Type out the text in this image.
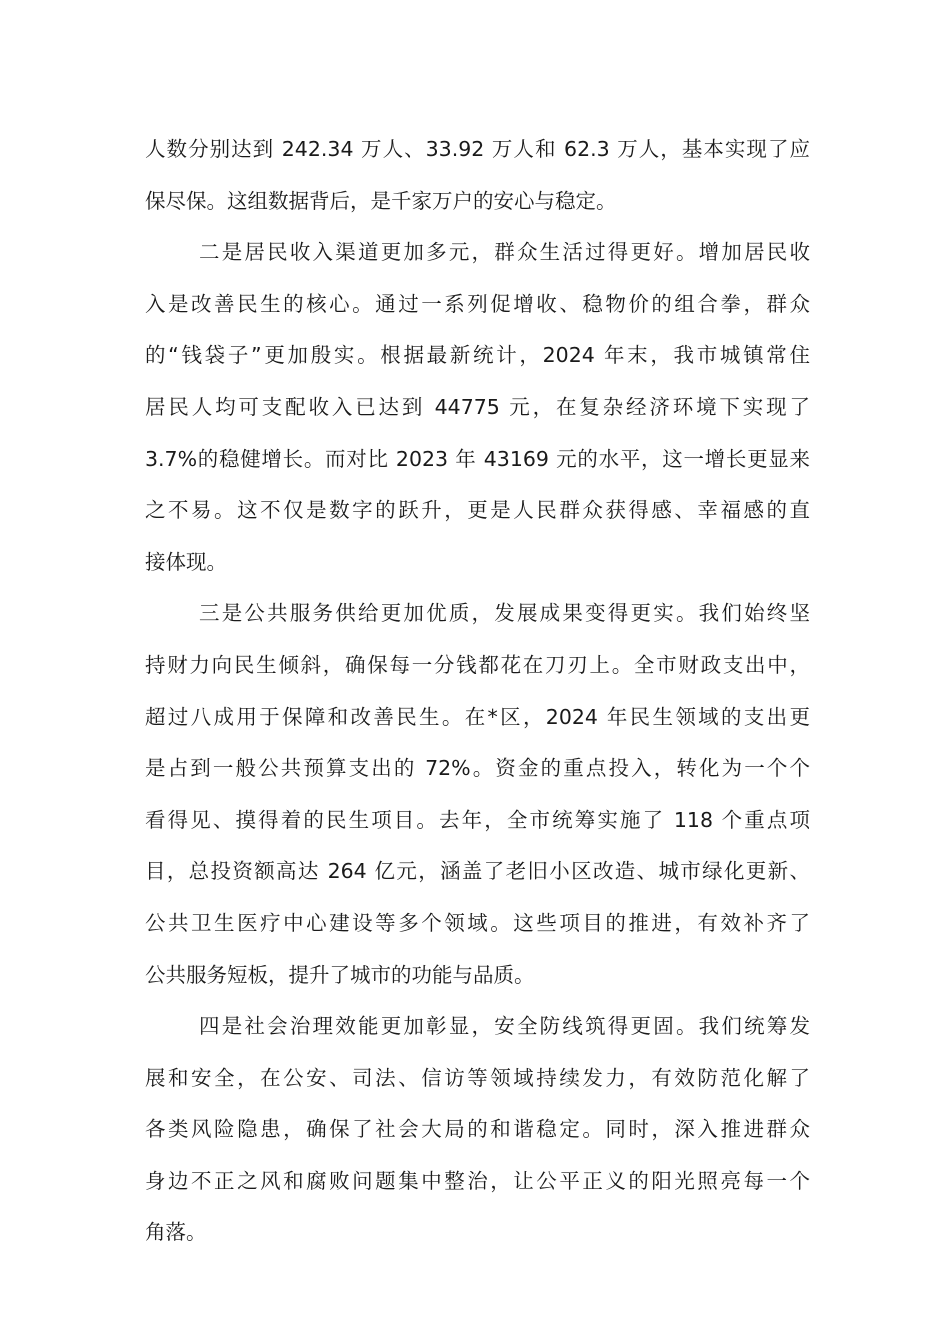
人数分别达到 242.34 万人、33.92 万人和 62.3 万人，基本实现了应
保尽保。这组数据背后，是千家万户的安心与稳定。
二是居民收入渠道更加多元，群众生活过得更好。增加居民收
入是改善民生的核心。通过一系列促增收、稳物价的组合拳，群众
的“钱袋子”更加殷实。根据最新统计，2024 年末，我市城镇常住
居民人均可支配收入已达到 44775 元，在复杂经济环境下实现了
3.7%的稳健增长。而对比 2023 年 43169 元的水平，这一增长更显来
之不易。这不仅是数字的跃升，更是人民群众获得感、幸福感的直
接体现。
三是公共服务供给更加优质，发展成果变得更实。我们始终坚
持财力向民生倾斜，确保每一分钱都花在刀刃上。全市财政支出中，
超过八成用于保障和改善民生。在*区，2024 年民生领域的支出更
是占到一般公共预算支出的 72%。资金的重点投入，转化为一个个
看得见、摸得着的民生项目。去年，全市统筹实施了 118 个重点项
目，总投资额高达 264 亿元，涵盖了老旧小区改造、城市绿化更新、
公共卫生医疗中心建设等多个领域。这些项目的推进，有效补齐了
公共服务短板，提升了城市的功能与品质。
四是社会治理效能更加彰显，安全防线筑得更固。我们统筹发
展和安全，在公安、司法、信访等领域持续发力，有效防范化解了
各类风险隐患，确保了社会大局的和谐稳定。同时，深入推进群众
身边不正之风和腐败问题集中整治，让公平正义的阳光照亮每一个
角落。
